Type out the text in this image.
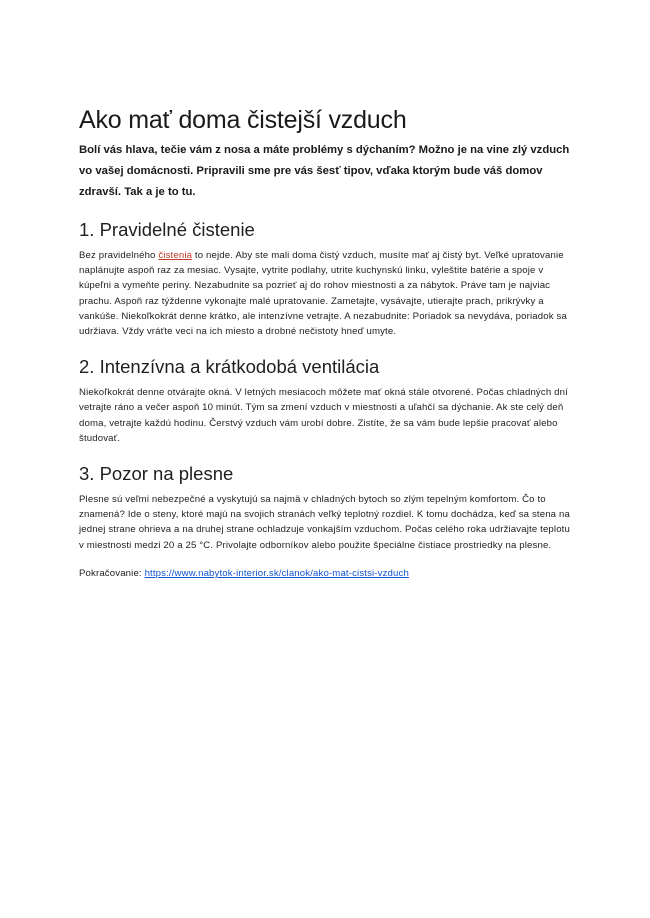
Ako mať doma čistejší vzduch

Bolí vás hlava, tečie vám z nosa a máte problémy s dýchaním? Možno je na vine zlý vzduch vo vašej domácnosti. Pripravili sme pre vás šesť tipov, vďaka ktorým bude váš domov zdravší. Tak a je to tu.

1. Pravidelné čistenie

Bez pravidelného čistenia to nejde. Aby ste mali doma čistý vzduch, musíte mať aj čistý byt. Veľké upratovanie naplánujte aspoň raz za mesiac. Vysajte, vytrite podlahy, utrite kuchynskú linku, vyleštite batérie a spoje v kúpeľni a vymeňte periny. Nezabudnite sa pozrieť aj do rohov miestnosti a za nábytok. Práve tam je najviac prachu. Aspoň raz týždenne vykonajte malé upratovanie. Zametajte, vysávajte, utierajte prach, prikrývky a vankúše. Niekoľkokrát denne krátko, ale intenzívne vetrajte. A nezabudnite: Poriadok sa nevydáva, poriadok sa udržiava. Vždy vráťte veci na ich miesto a drobné nečistoty hneď umyte.

2. Intenzívna a krátkodobá ventilácia

Niekoľkokrát denne otvárajte okná. V letných mesiacoch môžete mať okná stále otvorené. Počas chladných dní vetrajte ráno a večer aspoň 10 minút. Tým sa zmení vzduch v miestnosti a uľahčí sa dýchanie. Ak ste celý deň doma, vetrajte každú hodinu. Čerstvý vzduch vám urobí dobre. Zistíte, že sa vám bude lepšie pracovať alebo študovať.

3. Pozor na plesne

Plesne sú veľmi nebezpečné a vyskytujú sa najmä v chladných bytoch so zlým tepelným komfortom. Čo to znamená? Ide o steny, ktoré majú na svojich stranách veľký teplotný rozdiel. K tomu dochádza, keď sa stena na jednej strane ohrieva a na druhej strane ochladzuje vonkajším vzduchom. Počas celého roka udržiavajte teplotu v miestnosti medzi 20 a 25 °C. Privolajte odborníkov alebo použite špeciálne čistiace prostriedky na plesne.

Pokračovanie: https://www.nabytok-interior.sk/clanok/ako-mat-cistsi-vzduch
